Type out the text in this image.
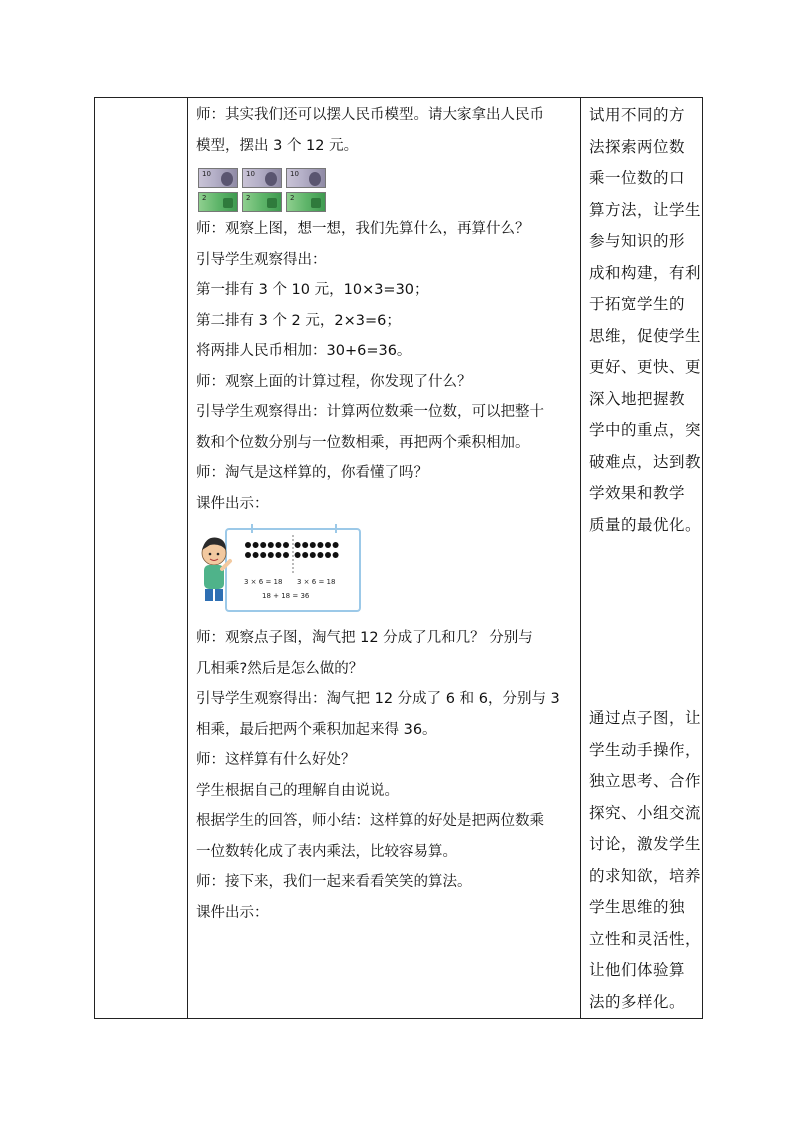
师：其实我们还可以摆人民币模型。请大家拿出人民币
模型，摆出 3 个 12 元。
10	10	10
2	2	2
师：观察上图，想一想，我们先算什么，再算什么？
引导学生观察得出：
第一排有 3 个 10 元，10×3=30；
第二排有 3 个 2 元，2×3=6；
将两排人民币相加：30+6=36。
师：观察上面的计算过程，你发现了什么？
引导学生观察得出：计算两位数乘一位数，可以把整十
数和个位数分别与一位数相乘，再把两个乘积相加。
师：淘气是这样算的，你看懂了吗？
课件出示：
3 × 6 = 18 3 × 6 = 18
18 + 18 = 36
师：观察点子图，淘气把 12 分成了几和几？ 分别与
几相乘?然后是怎么做的？
引导学生观察得出：淘气把 12 分成了 6 和 6，分别与 3
相乘，最后把两个乘积加起来得 36。
师：这样算有什么好处？
学生根据自己的理解自由说说。
根据学生的回答，师小结：这样算的好处是把两位数乘
一位数转化成了表内乘法，比较容易算。
师：接下来，我们一起来看看笑笑的算法。
课件出示：

试用不同的方
法探索两位数
乘一位数的口
算方法，让学生
参与知识的形
成和构建，有利
于拓宽学生的
思维，促使学生
更好、更快、更
深入地把握教
学中的重点，突
破难点，达到教
学效果和教学
质量的最优化。
通过点子图，让
学生动手操作，
独立思考、合作
探究、小组交流
讨论，激发学生
的求知欲，培养
学生思维的独
立性和灵活性，
让他们体验算
法的多样化。
